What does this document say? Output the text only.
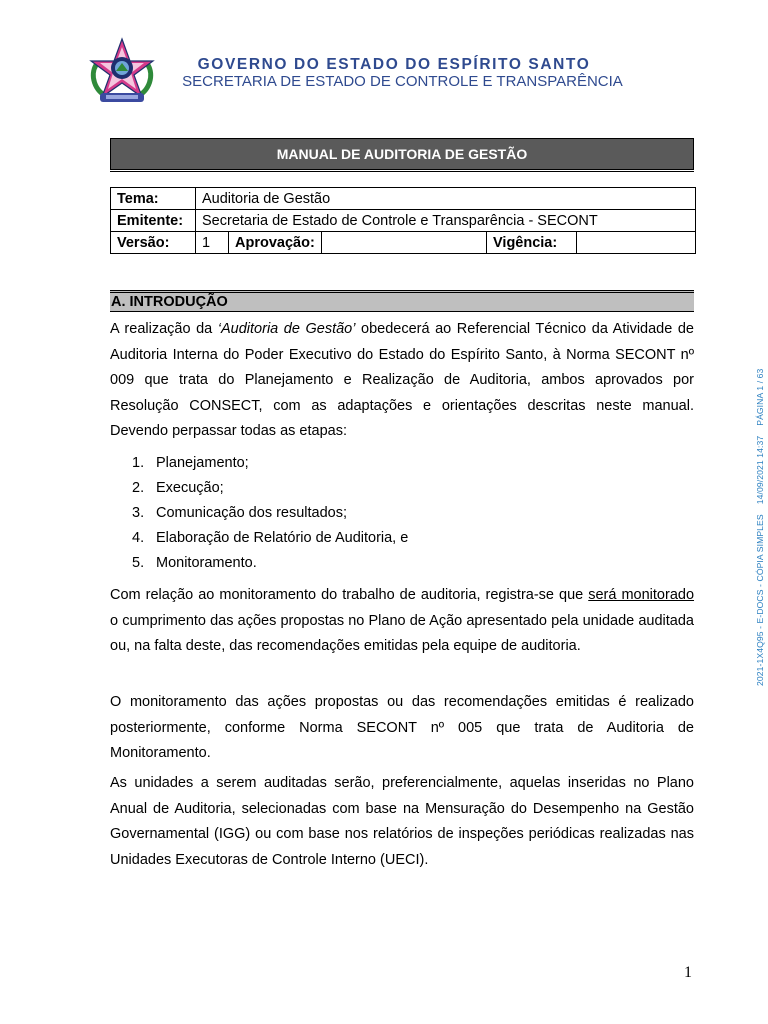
GOVERNO DO ESTADO DO ESPÍRITO SANTO
SECRETARIA DE ESTADO DE CONTROLE E TRANSPARÊNCIA
MANUAL DE AUDITORIA DE GESTÃO
Tema:	Auditoria de Gestão				
Emitente:	Secretaria de Estado de Controle e Transparência - SECONT				
Versão:	1	Aprovação:		Vigência:	
A. INTRODUÇÃO
A realização da ‘Auditoria de Gestão’ obedecerá ao Referencial Técnico da Atividade de Auditoria Interna do Poder Executivo do Estado do Espírito Santo, à Norma SECONT nº 009 que trata do Planejamento e Realização de Auditoria, ambos aprovados por Resolução CONSECT, com as adaptações e orientações descritas neste manual. Devendo perpassar todas as etapas:
1. Planejamento;
2. Execução;
3. Comunicação dos resultados;
4. Elaboração de Relatório de Auditoria, e
5. Monitoramento.
Com relação ao monitoramento do trabalho de auditoria, registra-se que será monitorado o cumprimento das ações propostas no Plano de Ação apresentado pela unidade auditada ou, na falta deste, das recomendações emitidas pela equipe de auditoria.
O monitoramento das ações propostas ou das recomendações emitidas é realizado posteriormente, conforme Norma SECONT nº 005 que trata de Auditoria de Monitoramento.
As unidades a serem auditadas serão, preferencialmente, aquelas inseridas no Plano Anual de Auditoria, selecionadas com base na Mensuração do Desempenho na Gestão Governamental (IGG) ou com base nos relatórios de inspeções periódicas realizadas nas Unidades Executoras de Controle Interno (UECI).
1
2021-1X4Q95 - E-DOCS - CÓPIA SIMPLES14/09/2021 14:37PÁGINA 1 / 63
